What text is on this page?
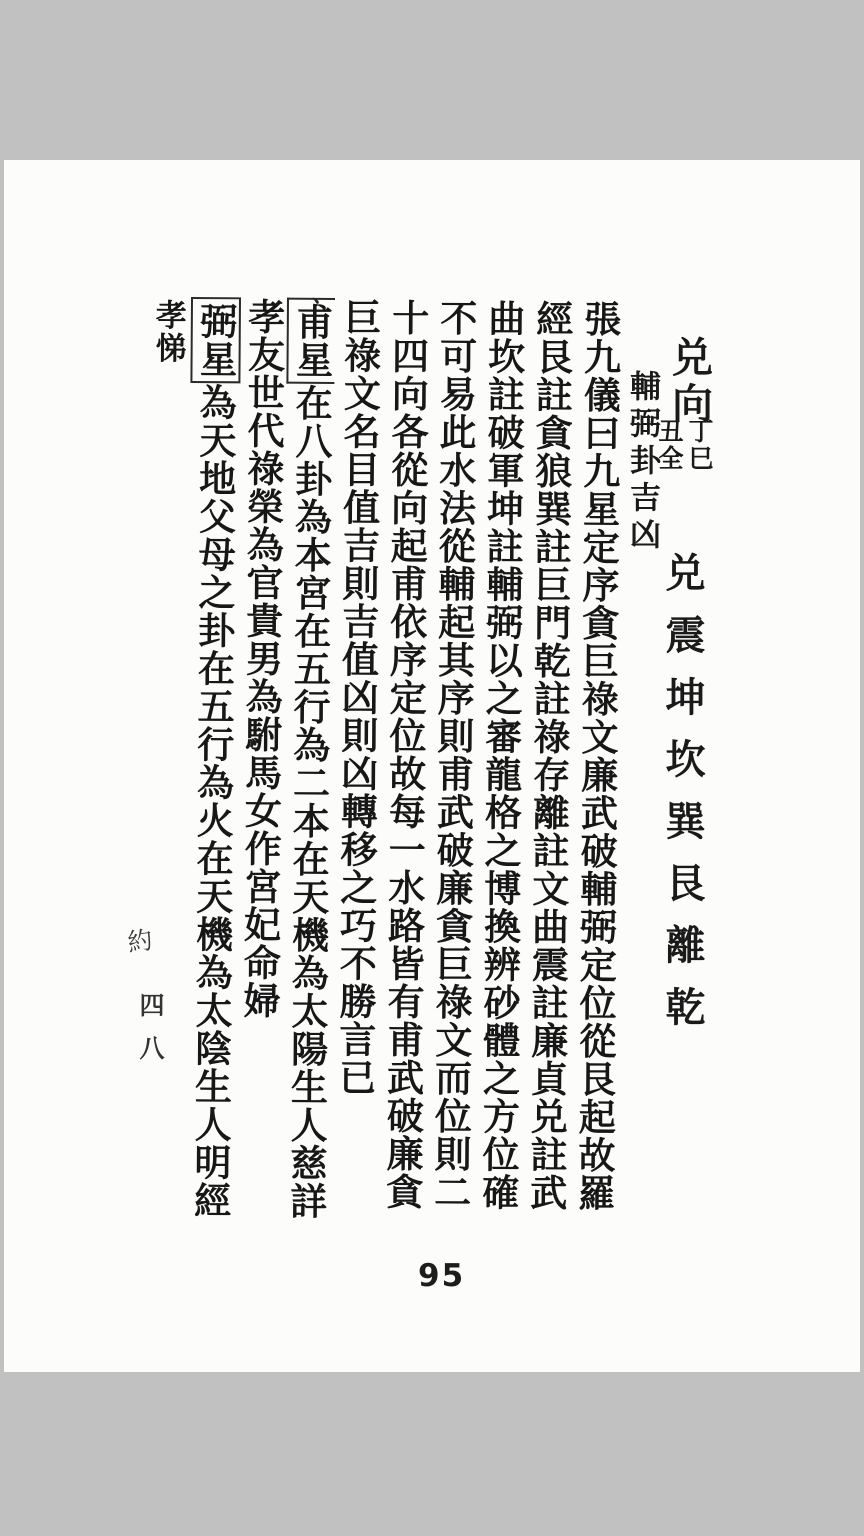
兑向
丁巳
丑全
輔弼卦吉凶
兑震坤坎巽艮離乾
、
張九儀曰九星定序貪巨祿文廉武破輔弼定位從艮起故羅
經艮註貪狼巽註巨門乾註祿存離註文曲震註廉貞兑註武
曲坎註破軍坤註輔弼以之審龍格之博換辨砂體之方位確
不可易此水法從輔起其序則甫武破廉貪巨祿文而位則二
十四向各從向起甫依序定位故每一水路皆有甫武破廉貪
巨祿文名目值吉則吉值凶則凶轉移之巧不勝言已
甫星在八卦為本宮在五行為二本在天機為太陽生人慈詳
孝友世代祿榮為官貴男為駙馬女作宮妃命婦
弼星為天地父母之卦在五行為火在天機為太陰生人明經
孝悌
約
四八
95
